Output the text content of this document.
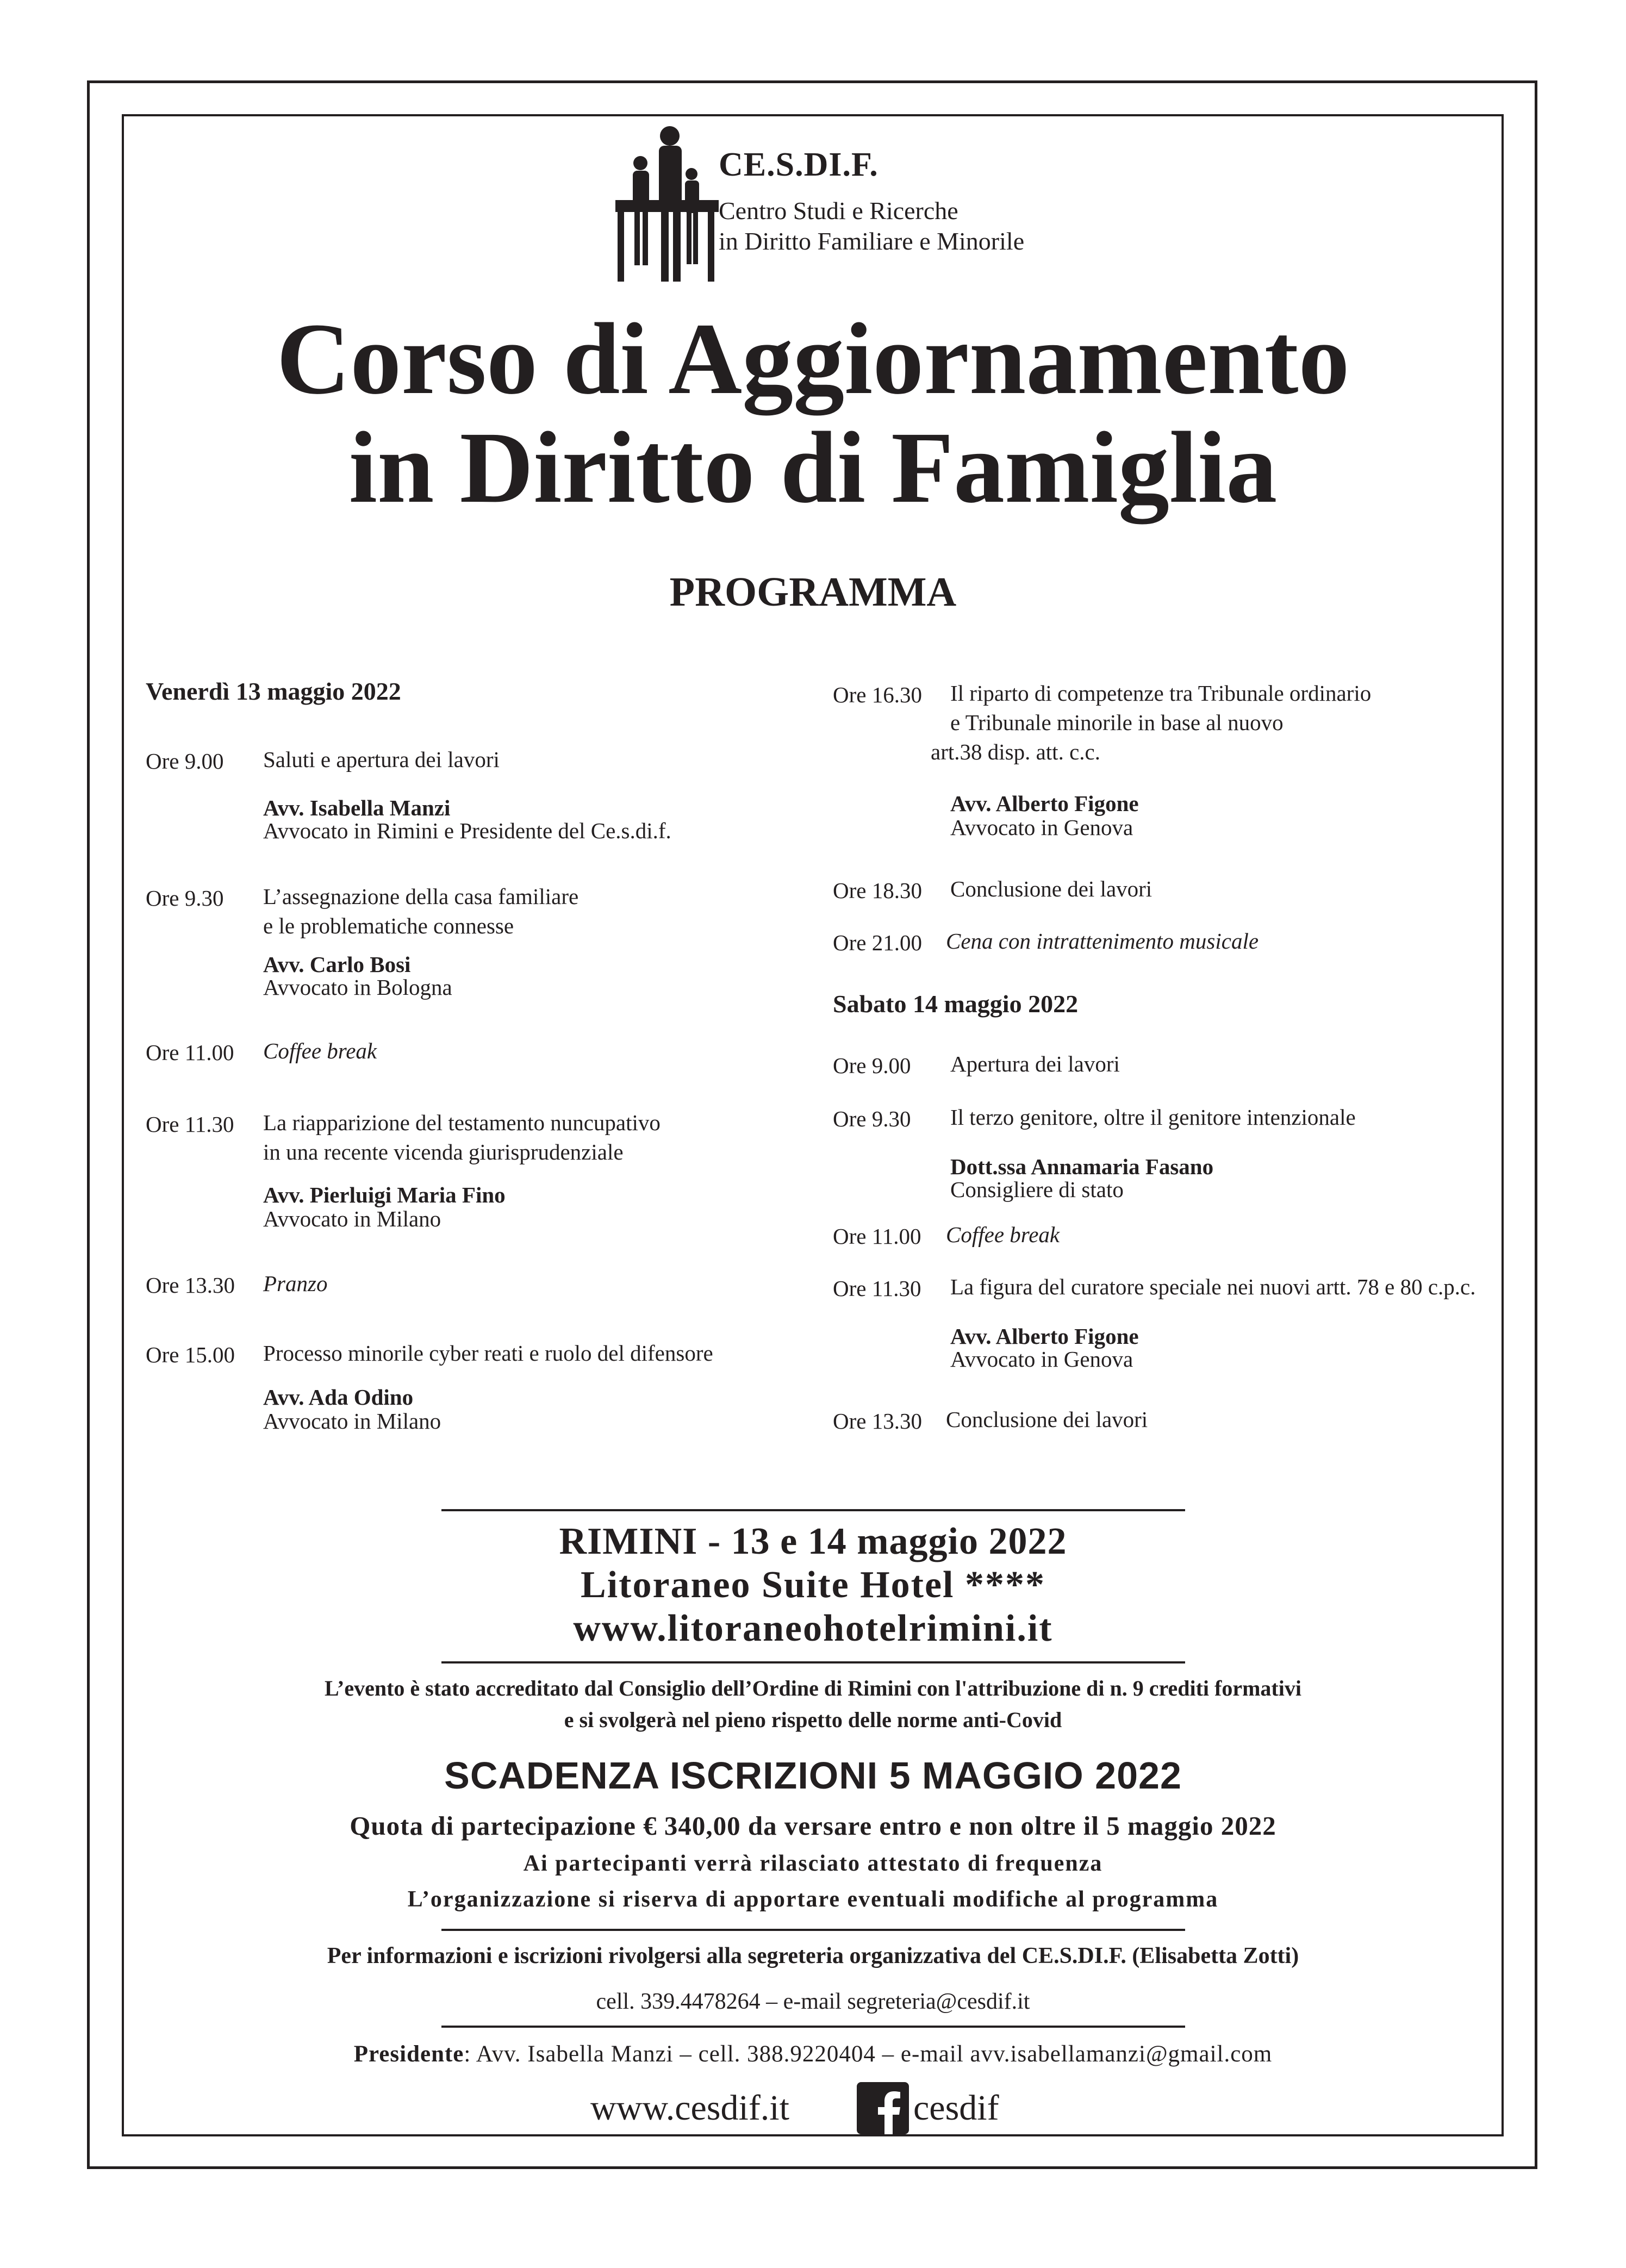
CE.S.DI.F.
Centro Studi e Ricerche
in Diritto Familiare e Minorile
Corso di Aggiornamento
in Diritto di Famiglia
PROGRAMMA
Venerdì 13 maggio 2022
Ore 9.00 Saluti e apertura dei lavori
Avv. Isabella Manzi
Avvocato in Rimini e Presidente del Ce.s.di.f.
Ore 9.30 L’assegnazione della casa familiare
e le problematiche connesse
Avv. Carlo Bosi
Avvocato in Bologna
Ore 11.00 Coffee break
Ore 11.30 La riapparizione del testamento nuncupativo
in una recente vicenda giurisprudenziale
Avv. Pierluigi Maria Fino
Avvocato in Milano
Ore 13.30 Pranzo
Ore 15.00 Processo minorile cyber reati e ruolo del difensore
Avv. Ada Odino
Avvocato in Milano
Ore 16.30 Il riparto di competenze tra Tribunale ordinario
e Tribunale minorile in base al nuovo
art.38 disp. att. c.c.
Avv. Alberto Figone
Avvocato in Genova
Ore 18.30 Conclusione dei lavori
Ore 21.00 Cena con intrattenimento musicale
Sabato 14 maggio 2022
Ore 9.00 Apertura dei lavori
Ore 9.30 Il terzo genitore, oltre il genitore intenzionale
Dott.ssa Annamaria Fasano
Consigliere di stato
Ore 11.00 Coffee break
Ore 11.30 La figura del curatore speciale nei nuovi artt. 78 e 80 c.p.c.
Avv. Alberto Figone
Avvocato in Genova
Ore 13.30 Conclusione dei lavori
RIMINI - 13 e 14 maggio 2022
Litoraneo Suite Hotel ****
www.litoraneohotelrimini.it
L’evento è stato accreditato dal Consiglio dell’Ordine di Rimini con l'attribuzione di n. 9 crediti formativi
e si svolgerà nel pieno rispetto delle norme anti-Covid
SCADENZA ISCRIZIONI 5 MAGGIO 2022
Quota di partecipazione € 340,00 da versare entro e non oltre il 5 maggio 2022
Ai partecipanti verrà rilasciato attestato di frequenza
L’organizzazione si riserva di apportare eventuali modifiche al programma
Per informazioni e iscrizioni rivolgersi alla segreteria organizzativa del CE.S.DI.F. (Elisabetta Zotti)
cell. 339.4478264 – e-mail segreteria@cesdif.it
Presidente: Avv. Isabella Manzi – cell. 388.9220404 – e-mail avv.isabellamanzi@gmail.com
www.cesdif.it	cesdif
